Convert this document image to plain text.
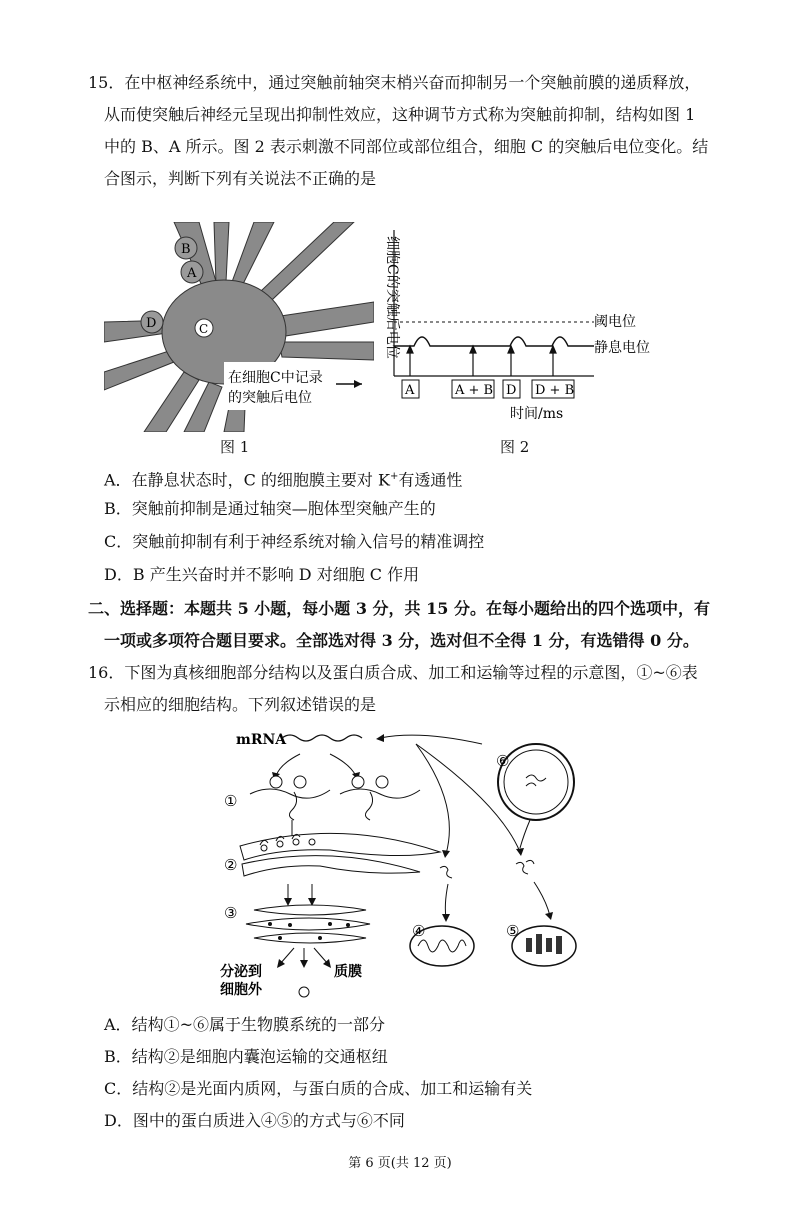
15．在中枢神经系统中，通过突触前轴突末梢兴奋而抑制另一个突触前膜的递质释放，
从而使突触后神经元呈现出抑制性效应，这种调节方式称为突触前抑制，结构如图 1
中的 B、A 所示。图 2 表示刺激不同部位或部位组合，细胞 C 的突触后电位变化。结
合图示，判断下列有关说法不正确的是
B
A
D	C
在细胞C中记录
的突触后电位
图 1
细胞C的突触后电位	阈电位
静息电位
A	A + B D D + B
时间/ms
图 2
A．在静息状态时，C 的细胞膜主要对 K+有透通性
B．突触前抑制是通过轴突—胞体型突触产生的
C．突触前抑制有利于神经系统对输入信号的精准调控
D．B 产生兴奋时并不影响 D 对细胞 C 作用
二、选择题：本题共 5 小题，每小题 3 分，共 15 分。在每小题给出的四个选项中，有
一项或多项符合题目要求。全部选对得 3 分，选对但不全得 1 分，有选错得 0 分。
16．下图为真核细胞部分结构以及蛋白质合成、加工和运输等过程的示意图，①~⑥表
示相应的细胞结构。下列叙述错误的是
mRNA
①
②
③
分泌到
细胞外
质膜
⑥
④	⑤
A．结构①~⑥属于生物膜系统的一部分
B．结构②是细胞内囊泡运输的交通枢纽
C．结构②是光面内质网，与蛋白质的合成、加工和运输有关
D．图中的蛋白质进入④⑤的方式与⑥不同
第 6 页(共 12 页)
